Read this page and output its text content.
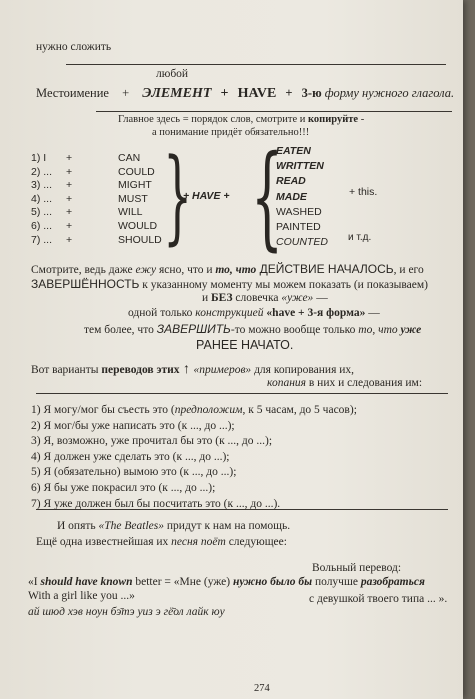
нужно сложить
любой
Местоимение + ЭЛЕМЕНТ + HAVE + 3-ю форму нужного глагола.
Главное здесь = порядок слов, смотрите и копируйте -
а понимание придёт обязательно!!!
1) I +	CAN
2) ... +	COULD
3) ... +	MIGHT
4) ... +	MUST
5) ... +	WILL
6) ... +	WOULD
7) ... +	SHOULD }
+ HAVE + {
EATEN
WRITTEN
READ
MADE
WASHED
PAINTED
COUNTED
+ this.
и т.д.
Смотрите, ведь даже ежу ясно, что и то, что ДЕЙСТВИЕ НАЧАЛОСЬ, и его
ЗАВЕРШЁННОСТЬ к указанному моменту мы можем показать (и показываем)
и БЕЗ словечка «уже» —
одной только конструкцией «have + 3-я форма» —
тем более, что ЗАВЕРШИТЬ-то можно вообще только то, что уже
РАНЕЕ НАЧАТО.
Вот варианты переводов этих ↑ «примеров» для копирования их,
копания в них и следования им:
1) Я могу/мог бы съесть это (предположим, к 5 часам, до 5 часов);
2) Я мог/бы уже написать это (к ..., до ...);
3) Я, возможно, уже прочитал бы это (к ..., до ...);
4) Я должен уже сделать это (к ..., до ...);
5) Я (обязательно) вымою это (к ..., до ...);
6) Я бы уже покрасил это (к ..., до ...);
7) Я уже должен был бы посчитать это (к ..., до ...).
И опять «The Beatles» придут к нам на помощь.
Ещё одна известнейшая их песня поёт следующее:
Вольный перевод:
«I should have known better = «Мне (уже) нужно было бы получше разобраться
With a girl like you ...»	с девушкой твоего типа ... ».
ай шюд хэв ноун бэ̄тэ уиз э гё̄ол лайк юу
274
